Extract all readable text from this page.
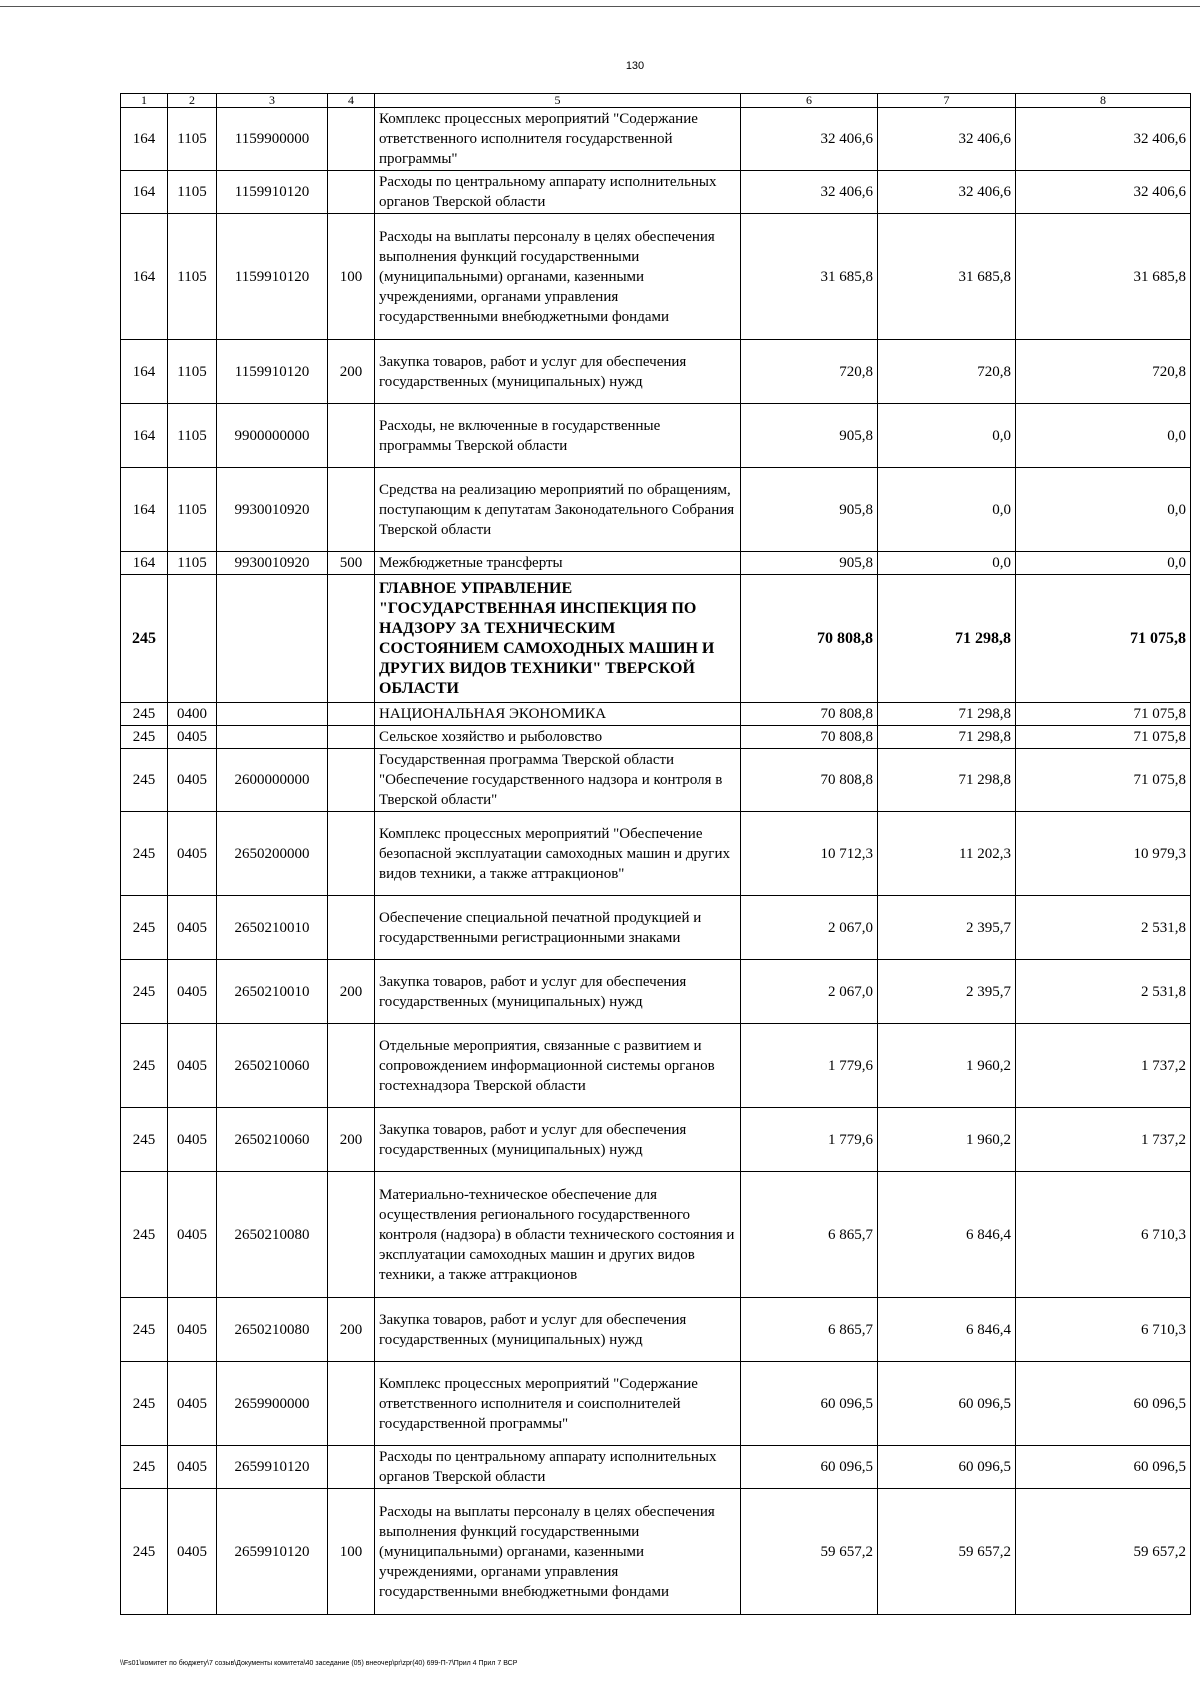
130
1	2	3	4	5	6	7	8
164	1105	1159900000		Комплекс процессных мероприятий "Содержание ответственного исполнителя государственной программы"	32 406,6	32 406,6	32 406,6
164	1105	1159910120		Расходы по центральному аппарату исполнительных органов Тверской области	32 406,6	32 406,6	32 406,6
164	1105	1159910120	100	Расходы на выплаты персоналу в целях обеспечения выполнения функций государственными (муниципальными) органами, казенными учреждениями, органами управления государственными внебюджетными фондами	31 685,8	31 685,8	31 685,8
164	1105	1159910120	200	Закупка товаров, работ и услуг для обеспечения государственных (муниципальных) нужд	720,8	720,8	720,8
164	1105	9900000000		Расходы, не включенные в государственные программы Тверской области	905,8	0,0	0,0
164	1105	9930010920		Средства на реализацию мероприятий по обращениям, поступающим к депутатам Законодательного Собрания Тверской области	905,8	0,0	0,0
164	1105	9930010920	500	Межбюджетные трансферты	905,8	0,0	0,0
245				ГЛАВНОЕ УПРАВЛЕНИЕ "ГОСУДАРСТВЕННАЯ ИНСПЕКЦИЯ ПО НАДЗОРУ ЗА ТЕХНИЧЕСКИМ СОСТОЯНИЕМ САМОХОДНЫХ МАШИН И ДРУГИХ ВИДОВ ТЕХНИКИ" ТВЕРСКОЙ ОБЛАСТИ	70 808,8	71 298,8	71 075,8
245	0400			НАЦИОНАЛЬНАЯ ЭКОНОМИКА	70 808,8	71 298,8	71 075,8
245	0405			Сельское хозяйство и рыболовство	70 808,8	71 298,8	71 075,8
245	0405	2600000000		Государственная программа Тверской области "Обеспечение государственного надзора и контроля в Тверской области"	70 808,8	71 298,8	71 075,8
245	0405	2650200000		Комплекс процессных мероприятий "Обеспечение безопасной эксплуатации самоходных машин и других видов техники, а также аттракционов"	10 712,3	11 202,3	10 979,3
245	0405	2650210010		Обеспечение специальной печатной продукцией и государственными регистрационными знаками	2 067,0	2 395,7	2 531,8
245	0405	2650210010	200	Закупка товаров, работ и услуг для обеспечения государственных (муниципальных) нужд	2 067,0	2 395,7	2 531,8
245	0405	2650210060		Отдельные мероприятия, связанные с развитием и сопровождением информационной системы органов гостехнадзора Тверской области	1 779,6	1 960,2	1 737,2
245	0405	2650210060	200	Закупка товаров, работ и услуг для обеспечения государственных (муниципальных) нужд	1 779,6	1 960,2	1 737,2
245	0405	2650210080		Материально-техническое обеспечение для осуществления регионального государственного контроля (надзора) в области технического состояния и эксплуатации самоходных машин и других видов техники, а также аттракционов	6 865,7	6 846,4	6 710,3
245	0405	2650210080	200	Закупка товаров, работ и услуг для обеспечения государственных (муниципальных) нужд	6 865,7	6 846,4	6 710,3
245	0405	2659900000		Комплекс процессных мероприятий "Содержание ответственного исполнителя и соисполнителей государственной программы"	60 096,5	60 096,5	60 096,5
245	0405	2659910120		Расходы по центральному аппарату исполнительных органов Тверской области	60 096,5	60 096,5	60 096,5
245	0405	2659910120	100	Расходы на выплаты персоналу в целях обеспечения выполнения функций государственными (муниципальными) органами, казенными учреждениями, органами управления государственными внебюджетными фондами	59 657,2	59 657,2	59 657,2
\\Fs01\комитет по бюджету\7 созыв\Документы комитета\40 заседание (05) внеочер\pr\zpr(40) 699-П-7\Прил 4 Прил 7 ВСР
